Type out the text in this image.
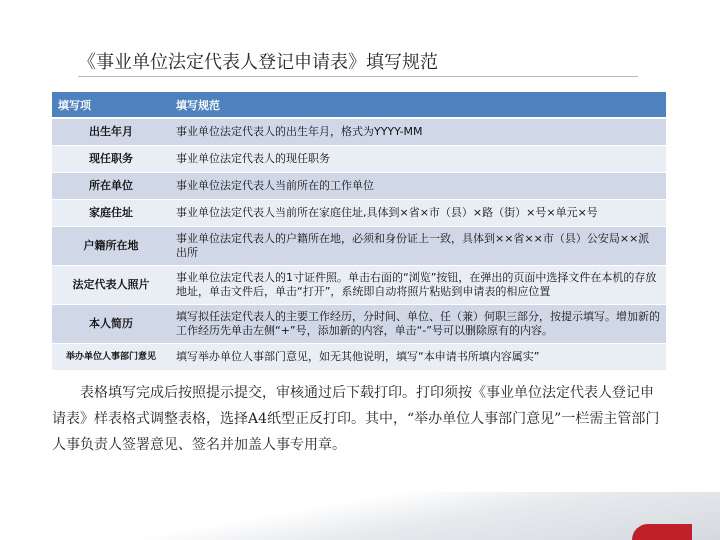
《事业单位法定代表人登记申请表》填写规范
填写项	填写规范
出生年月	事业单位法定代表人的出生年月，格式为YYYY-MM
现任职务	事业单位法定代表人的现任职务
所在单位	事业单位法定代表人当前所在的工作单位
家庭住址	事业单位法定代表人当前所在家庭住址,具体到×省×市（县）×路（街）×号×单元×号
户籍所在地	事业单位法定代表人的户籍所在地，必须和身份证上一致，具体到××省××市（县）公安局××派出所
法定代表人照片	事业单位法定代表人的1寸证件照。单击右面的“浏览”按钮，在弹出的页面中选择文件在本机的存放地址，单击文件后，单击“打开”，系统即自动将照片粘贴到申请表的相应位置
本人简历	填写拟任法定代表人的主要工作经历，分时间、单位、任（兼）何职三部分，按提示填写。增加新的工作经历先单击左侧“+”号，添加新的内容，单击“-”号可以删除原有的内容。
举办单位人事部门意见	填写举办单位人事部门意见，如无其他说明，填写“本申请书所填内容属实”
表格填写完成后按照提示提交，审核通过后下载打印。打印须按《事业单位法定代表人登记申请表》样表格式调整表格，选择A4纸型正反打印。其中，“举办单位人事部门意见”一栏需主管部门人事负责人签署意见、签名并加盖人事专用章。
